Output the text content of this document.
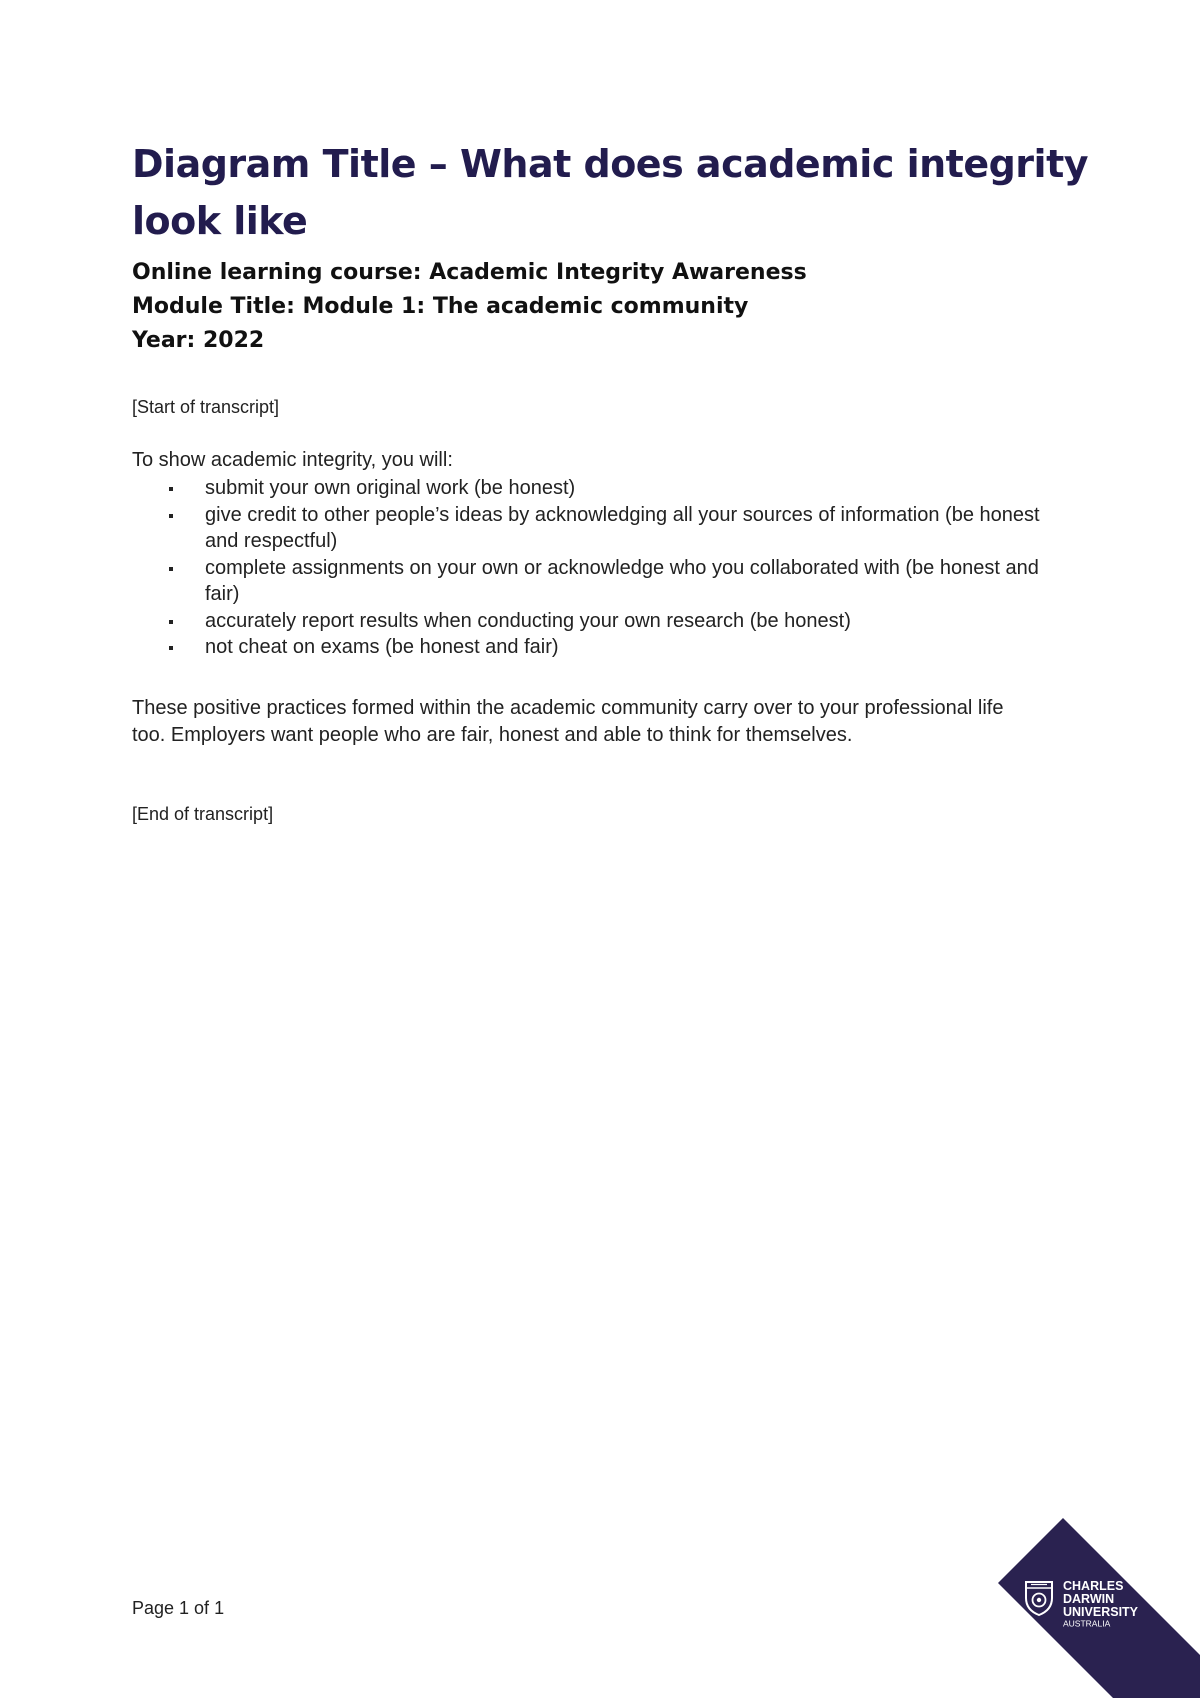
Diagram Title – What does academic integrity look like
Online learning course: Academic Integrity Awareness
Module Title: Module 1: The academic community
Year: 2022
[Start of transcript]
To show academic integrity, you will:
submit your own original work (be honest)
give credit to other people’s ideas by acknowledging all your sources of information (be honest and respectful)
complete assignments on your own or acknowledge who you collaborated with (be honest and fair)
accurately report results when conducting your own research (be honest)
not cheat on exams (be honest and fair)
These positive practices formed within the academic community carry over to your professional life too. Employers want people who are fair, honest and able to think for themselves.
[End of transcript]
Page 1 of 1
CHARLES
DARWIN
UNIVERSITY
AUSTRALIA
